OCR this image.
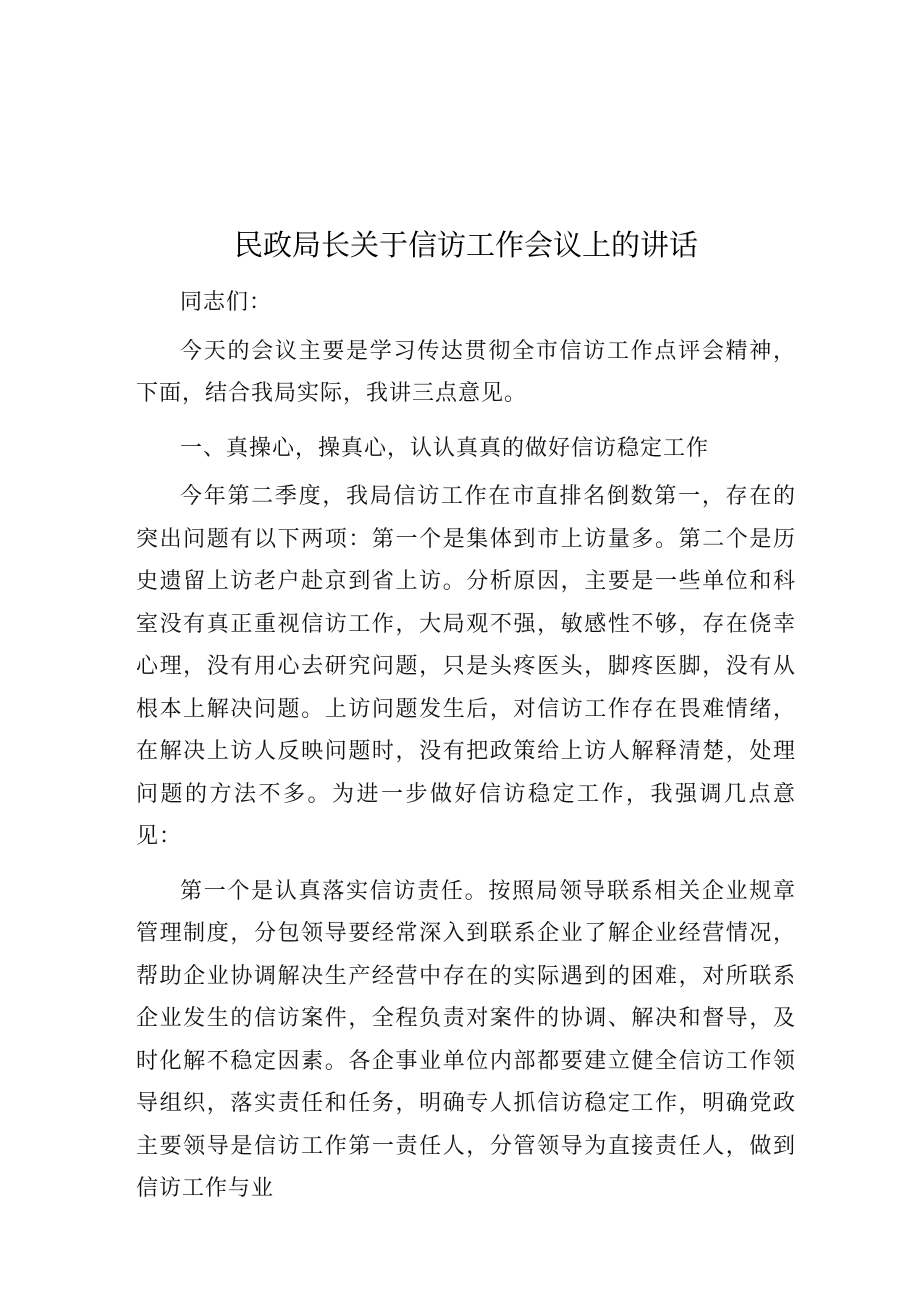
民政局长关于信访工作会议上的讲话

同志们：

今天的会议主要是学习传达贯彻全市信访工作点评会精神，下面，结合我局实际，我讲三点意见。

一、真操心，操真心，认认真真的做好信访稳定工作

今年第二季度，我局信访工作在市直排名倒数第一，存在的突出问题有以下两项：第一个是集体到市上访量多。第二个是历史遗留上访老户赴京到省上访。分析原因，主要是一些单位和科室没有真正重视信访工作，大局观不强，敏感性不够，存在侥幸心理，没有用心去研究问题，只是头疼医头，脚疼医脚，没有从根本上解决问题。上访问题发生后，对信访工作存在畏难情绪，在解决上访人反映问题时，没有把政策给上访人解释清楚，处理问题的方法不多。为进一步做好信访稳定工作，我强调几点意见：

第一个是认真落实信访责任。按照局领导联系相关企业规章管理制度，分包领导要经常深入到联系企业了解企业经营情况，帮助企业协调解决生产经营中存在的实际遇到的困难，对所联系企业发生的信访案件，全程负责对案件的协调、解决和督导，及时化解不稳定因素。各企事业单位内部都要建立健全信访工作领导组织，落实责任和任务，明确专人抓信访稳定工作，明确党政主要领导是信访工作第一责任人，分管领导为直接责任人，做到信访工作与业
